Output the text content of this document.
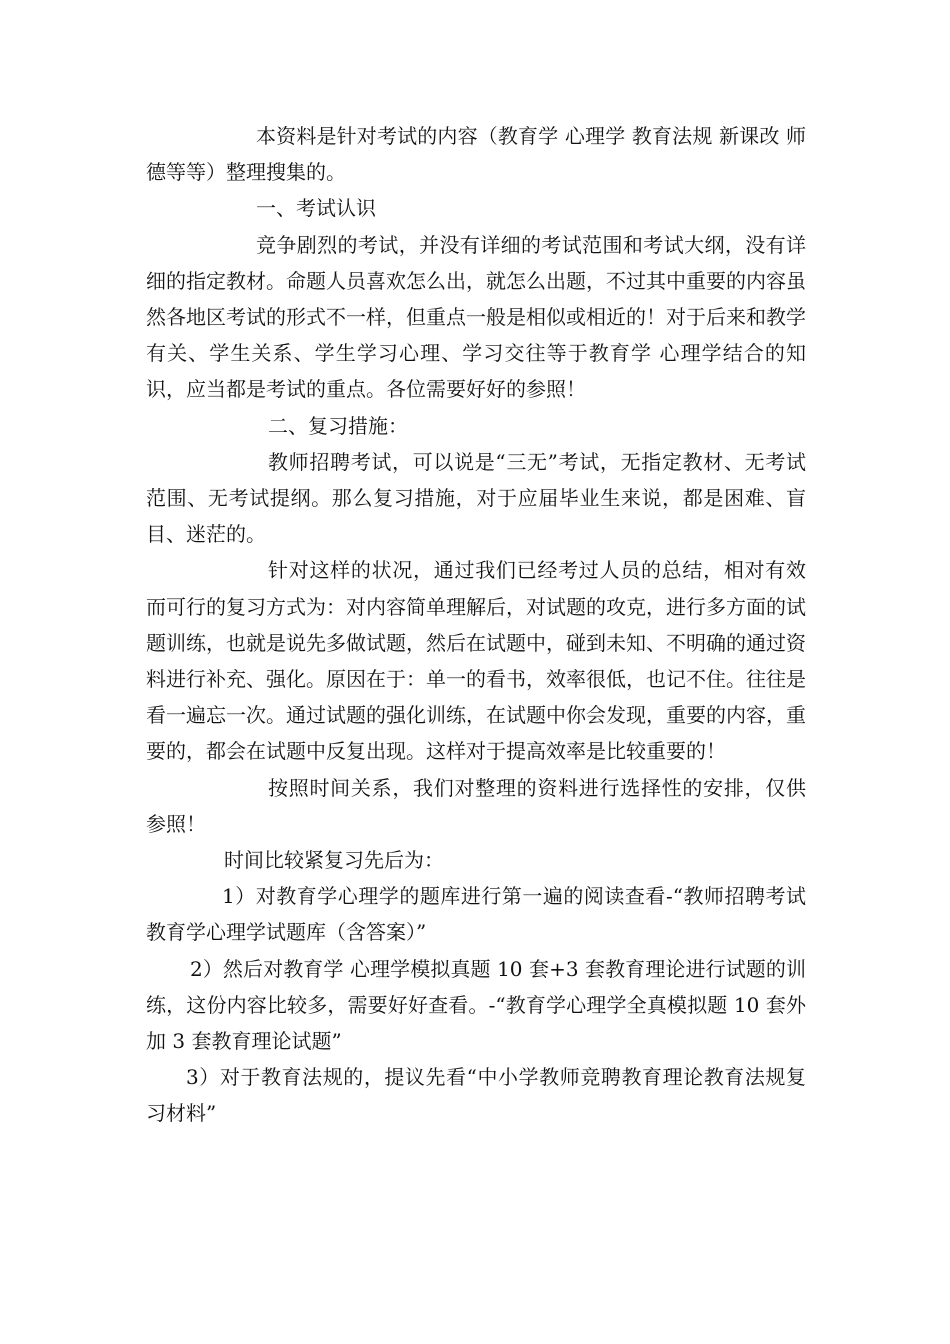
本资料是针对考试的内容（教育学 心理学 教育法规 新课改 师德等等）整理搜集的。

一、考试认识

竞争剧烈的考试，并没有详细的考试范围和考试大纲，没有详细的指定教材。命题人员喜欢怎么出，就怎么出题，不过其中重要的内容虽然各地区考试的形式不一样，但重点一般是相似或相近的！对于后来和教学有关、学生关系、学生学习心理、学习交往等于教育学 心理学结合的知识，应当都是考试的重点。各位需要好好的参照！

二、复习措施：

教师招聘考试，可以说是“三无”考试，无指定教材、无考试范围、无考试提纲。那么复习措施，对于应届毕业生来说，都是困难、盲目、迷茫的。

针对这样的状况，通过我们已经考过人员的总结，相对有效而可行的复习方式为：对内容简单理解后，对试题的攻克，进行多方面的试题训练，也就是说先多做试题，然后在试题中，碰到未知、不明确的通过资料进行补充、强化。原因在于：单一的看书，效率很低，也记不住。往往是看一遍忘一次。通过试题的强化训练，在试题中你会发现，重要的内容，重要的，都会在试题中反复出现。这样对于提高效率是比较重要的！

按照时间关系，我们对整理的资料进行选择性的安排，仅供参照！

时间比较紧复习先后为：

1）对教育学心理学的题库进行第一遍的阅读查看-“教师招聘考试教育学心理学试题库（含答案）”

2）然后对教育学 心理学模拟真题 10 套+3 套教育理论进行试题的训练，这份内容比较多，需要好好查看。-“教育学心理学全真模拟题 10 套外加 3 套教育理论试题”

3）对于教育法规的，提议先看“中小学教师竞聘教育理论教育法规复习材料”
